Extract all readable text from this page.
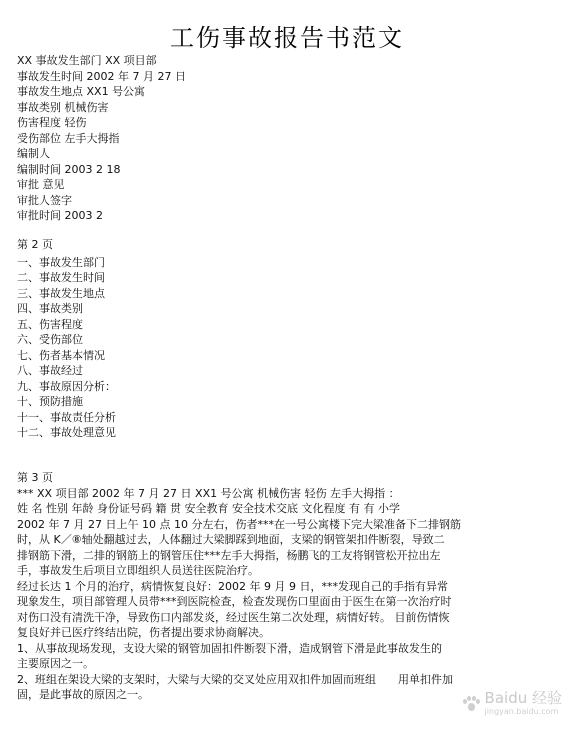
工伤事故报告书范文
XX 事故发生部门 XX 项目部
事故发生时间 2002 年 7 月 27 日
事故发生地点 XX1 号公寓
事故类别 机械伤害
伤害程度 轻伤
受伤部位 左手大拇指
编制人
编制时间 2003 2 18
审批 意见
审批人签字
审批时间 2003 2
第 2 页
一、事故发生部门
二、事故发生时间
三、事故发生地点
四、事故类别
五、伤害程度
六、受伤部位
七、伤者基本情况
八、事故经过
九、事故原因分析：
十、预防措施
十一、事故责任分析
十二、事故处理意见
第 3 页
*** XX 项目部 2002 年 7 月 27 日 XX1 号公寓 机械伤害 轻伤 左手大拇指 ：
姓 名 性别 年龄 身份证号码 籍 贯 安全教育 安全技术交底 文化程度 有 有 小学
2002 年 7 月 27 日上午 10 点 10 分左右，伤者***在一号公寓楼下完大梁准备下二排钢筋
时，从 K／⑧轴处翻越过去，人体翻过大梁脚踩到地面，支梁的钢管架扣件断裂，导致二
排钢筋下滑，二排的钢筋上的钢管压住***左手大拇指，杨鹏飞的工友将钢管松开拉出左
手，事故发生后项目立即组织人员送往医院治疗。
经过长达 1 个月的治疗，病情恢复良好：2002 年 9 月 9 日，***发现自己的手指有异常
现象发生，项目部管理人员带***到医院检查，检查发现伤口里面由于医生在第一次治疗时
对伤口没有清洗干净，导致伤口内部发炎，经过医生第二次处理，病情好转。 目前伤情恢
复良好并已医疗终结出院，伤者提出要求协商解决。
1、从事故现场发现，支设大梁的钢管加固扣件断裂下滑，造成钢管下滑是此事故发生的
主要原因之一。
2、班组在架设大梁的支架时，大梁与大梁的交叉处应用双扣件加固而班组　　用单扣件加
固，是此事故的原因之一。	Baidu 经验
jingyan.baidu.com
